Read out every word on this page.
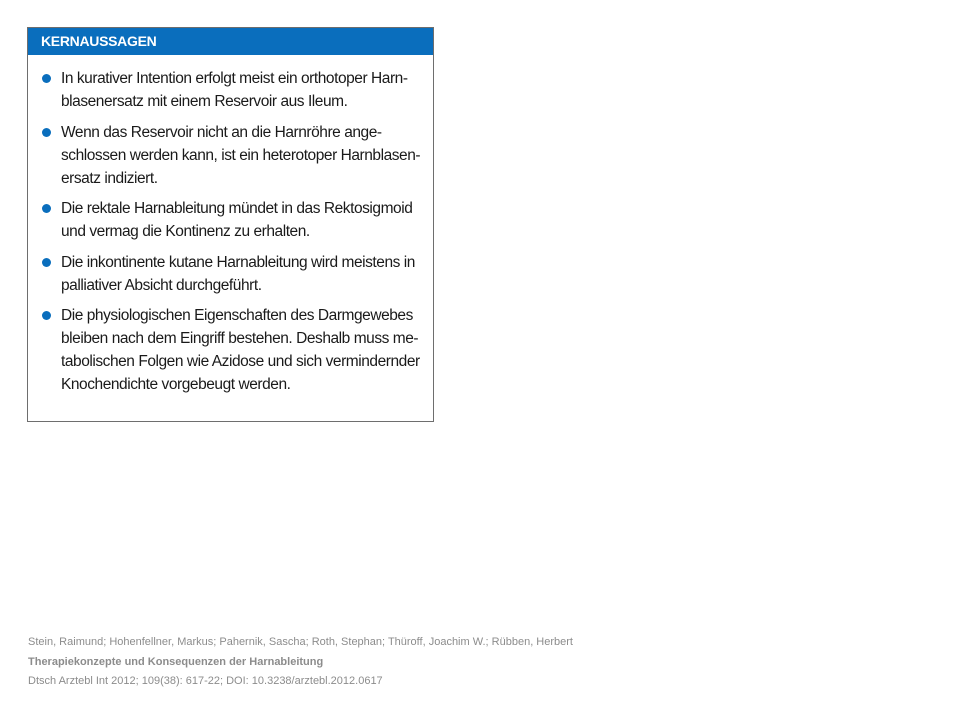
KERNAUSSAGEN
In kurativer Intention erfolgt meist ein orthotoper Harn-
blasenersatz mit einem Reservoir aus Ileum.
Wenn das Reservoir nicht an die Harnröhre ange-
schlossen werden kann, ist ein heterotoper Harnblasen-
ersatz indiziert.
Die rektale Harnableitung mündet in das Rektosigmoid
und vermag die Kontinenz zu erhalten.
Die inkontinente kutane Harnableitung wird meistens in
palliativer Absicht durchgeführt.
Die physiologischen Eigenschaften des Darmgewebes
bleiben nach dem Eingriff bestehen. Deshalb muss me-
tabolischen Folgen wie Azidose und sich vermindernder
Knochendichte vorgebeugt werden.
Stein, Raimund; Hohenfellner, Markus; Pahernik, Sascha; Roth, Stephan; Thüroff, Joachim W.; Rübben, Herbert
Therapiekonzepte und Konsequenzen der Harnableitung
Dtsch Arztebl Int 2012; 109(38): 617-22; DOI: 10.3238/arztebl.2012.0617
